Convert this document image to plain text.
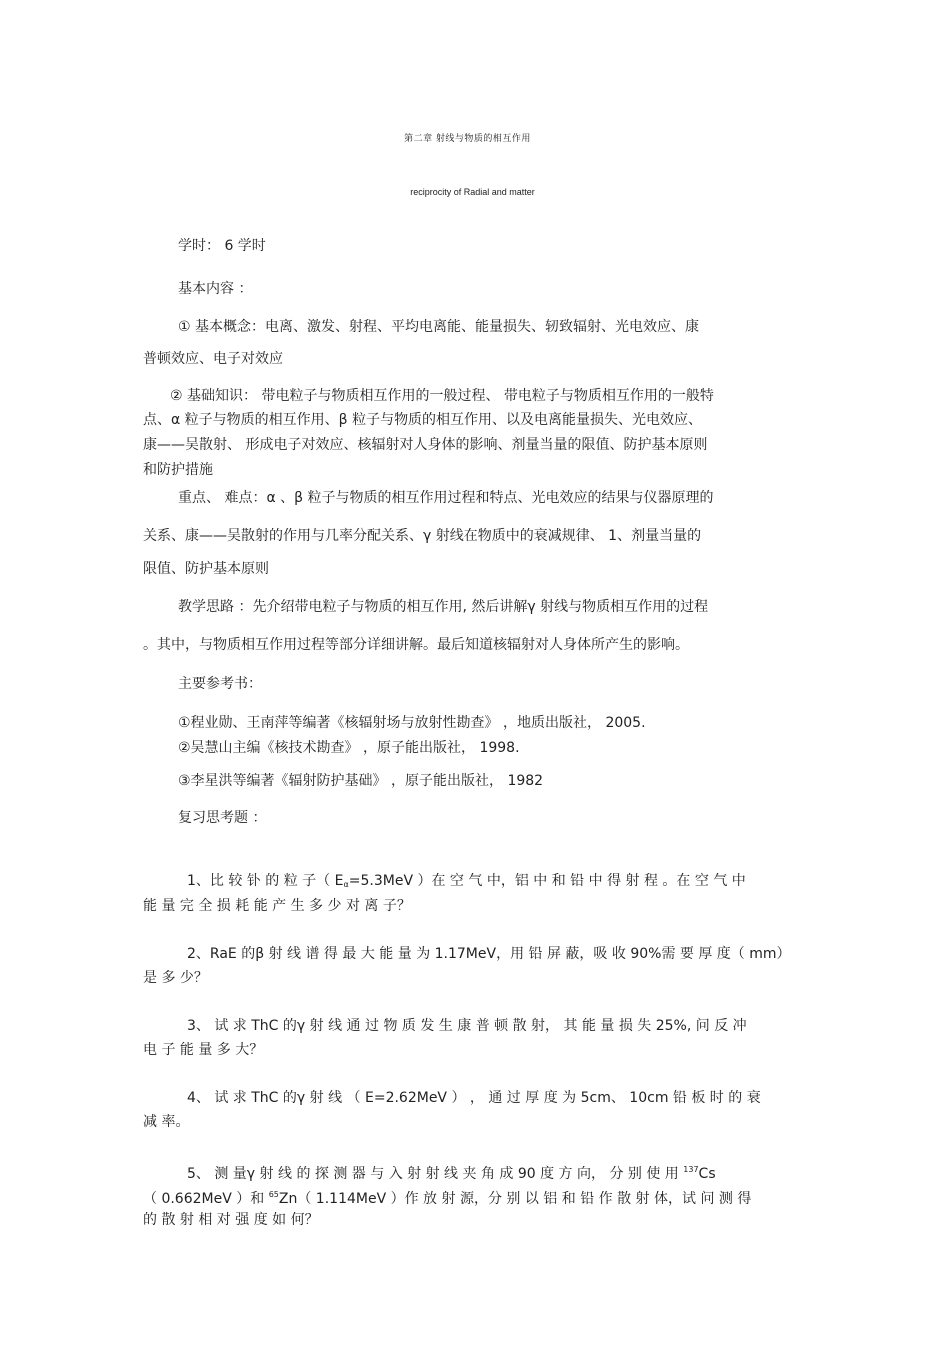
第二章 射线与物质的相互作用
reciprocity of Radial and matter
学时： 6 学时
基本内容 ：
① 基本概念：电离、激发、射程、平均电离能、能量损失、轫致辐射、光电效应、康
普顿效应、电子对效应
② 基础知识： 带电粒子与物质相互作用的一般过程、 带电粒子与物质相互作用的一般特
点、α 粒子与物质的相互作用、β 粒子与物质的相互作用、以及电离能量损失、光电效应、
康——吴散射、 形成电子对效应、核辐射对人身体的影响、剂量当量的限值、防护基本原则
和防护措施
重点、 难点：α 、β 粒子与物质的相互作用过程和特点、光电效应的结果与仪器原理的
关系、康——吴散射的作用与几率分配关系、γ 射线在物质中的衰减规律、 1、剂量当量的
限值、防护基本原则
教学思路 ：先介绍带电粒子与物质的相互作用, 然后讲解γ 射线与物质相互作用的过程
。其中，与物质相互作用过程等部分详细讲解。最后知道核辐射对人身体所产生的影响。
主要参考书：
①程业勋、王南萍等编著《核辐射场与放射性勘查》 ，地质出版社， 2005.
②吴慧山主编《核技术勘查》 ，原子能出版社， 1998.
③李星洪等编著《辐射防护基础》 ，原子能出版社， 1982
复习思考题 ：
1、比 较 钋 的 粒 子（ $E_\alpha=5.3MeV$ ）在 空 气 中，铝 中 和 铅 中 得 射 程 。在 空 气 中
能 量 完 全 损 耗 能 产 生 多 少 对 离 子？
2、RaE 的β 射 线 谱 得 最 大 能 量 为 1.17MeV，用 铅 屏 蔽，吸 收 90%需 要 厚 度（ mm）
是 多 少？
3、 试 求 ThC 的γ 射 线 通 过 物 质 发 生 康 普 顿 散 射， 其 能 量 损 失 25%, 问 反 冲
电 子 能 量 多 大？
4、 试 求 ThC 的γ 射 线 （ E=2.62MeV ） ， 通 过 厚 度 为 5cm、 10cm 铅 板 时 的 衰
减 率。
5、 测 量γ 射 线 的 探 测 器 与 入 射 射 线 夹 角 成 90 度 方 向， 分 别 使 用 $^{137}$Cs
（ 0.662MeV ）和 $^{65}$Zn（ 1.114MeV ）作 放 射 源，分 别 以 铝 和 铅 作 散 射 体，试 问 测 得
的 散 射 相 对 强 度 如 何？
